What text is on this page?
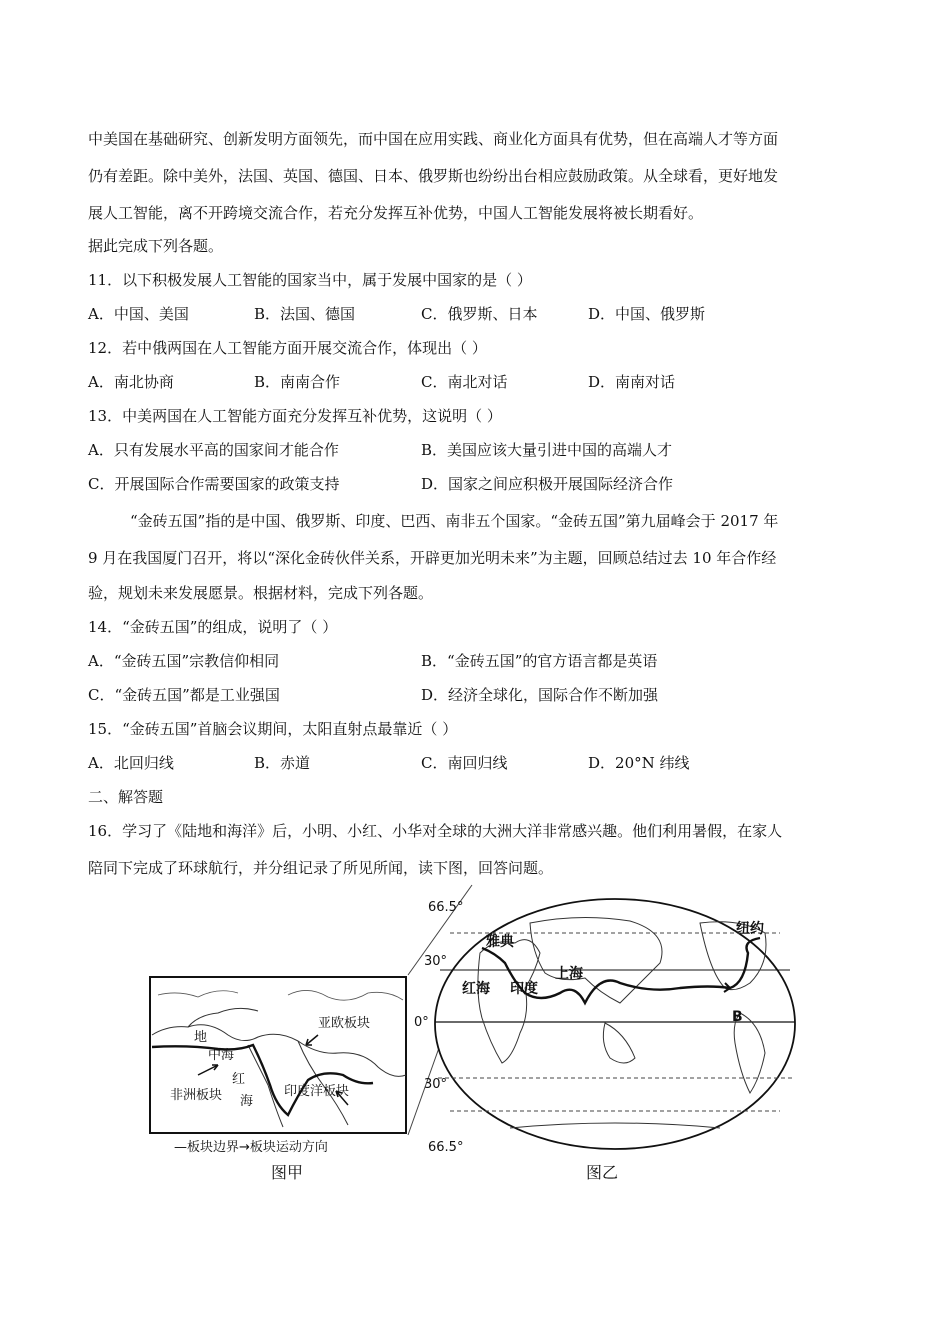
中美国在基础研究、创新发明方面领先，而中国在应用实践、商业化方面具有优势，但在高端人才等方面
仍有差距。除中美外，法国、英国、德国、日本、俄罗斯也纷纷出台相应鼓励政策。从全球看，更好地发
展人工智能，离不开跨境交流合作，若充分发挥互补优势，中国人工智能发展将被长期看好。
据此完成下列各题。
11．以下积极发展人工智能的国家当中，属于发展中国家的是（ ）
A．中国、美国	B．法国、德国	C．俄罗斯、日本	D．中国、俄罗斯
12．若中俄两国在人工智能方面开展交流合作，体现出（ ）
A．南北协商	B．南南合作	C．南北对话	D．南南对话
13．中美两国在人工智能方面充分发挥互补优势，这说明（ ）
A．只有发展水平高的国家间才能合作	B．美国应该大量引进中国的高端人才
C．开展国际合作需要国家的政策支持	D．国家之间应积极开展国际经济合作
“金砖五国”指的是中国、俄罗斯、印度、巴西、南非五个国家。“金砖五国”第九届峰会于 2017 年
9 月在我国厦门召开，将以“深化金砖伙伴关系，开辟更加光明未来”为主题，回顾总结过去 10 年合作经
验，规划未来发展愿景。根据材料，完成下列各题。
14．“金砖五国”的组成，说明了（ ）
A．“金砖五国”宗教信仰相同	B．“金砖五国”的官方语言都是英语
C．“金砖五国”都是工业强国	D．经济全球化，国际合作不断加强
15．“金砖五国”首脑会议期间，太阳直射点最靠近（ ）
A．北回归线	B．赤道	C．南回归线	D．20°N 纬线
二、解答题
16．学习了《陆地和海洋》后，小明、小红、小华对全球的大洲大洋非常感兴趣。他们利用暑假，在家人
陪同下完成了环球航行，并分组记录了所见所闻，读下图，回答问题。
地
中海
红
海
亚欧板块
非洲板块	印度洋板块
—板块边界→板块运动方向
图甲
66.5°
30°
0°
30°
66.5°
雅典
纽约
上海
红海 印度
B
图乙
